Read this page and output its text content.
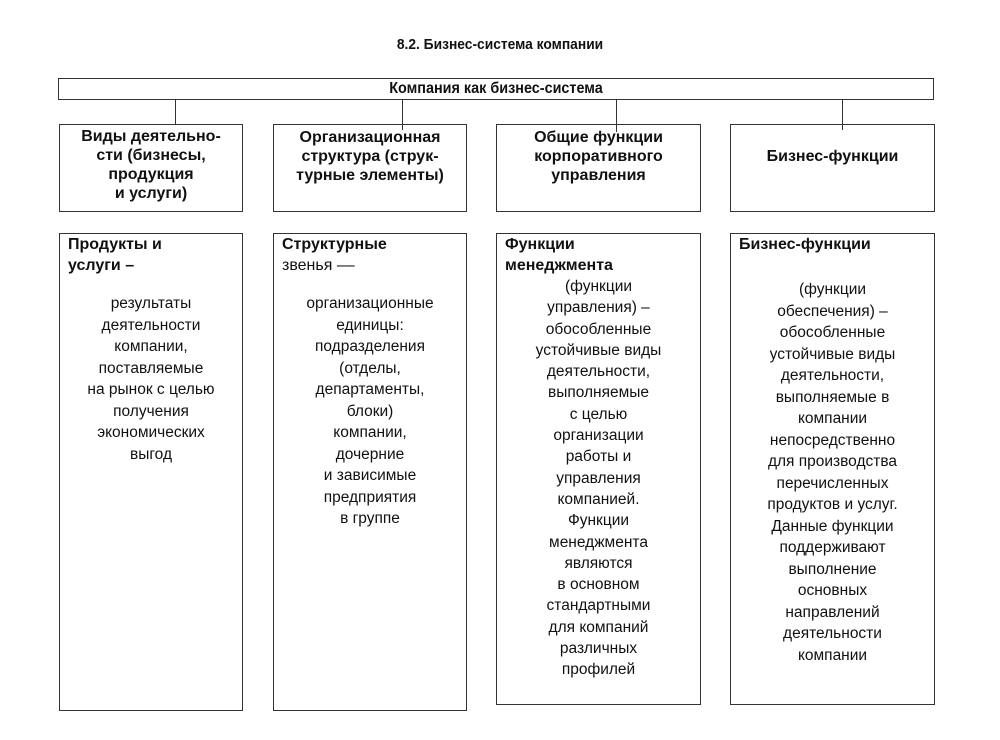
8.2. Бизнес-система компании
Компания как бизнес-система
Виды деятельно-
сти (бизнесы,
продукция
и услуги)
Организационная
структура (струк-
турные элементы)
Общие функции
корпоративного
управления
Бизнес-функции
Продукты и
услуги –
результаты
деятельности
компании,
поставляемые
на рынок с целью
получения
экономических
выгод
Структурные
звенья ––
организационные
единицы:
подразделения
(отделы,
департаменты,
блоки)
компании,
дочерние
и зависимые
предприятия
в группе
Функции
менеджмента
(функции
управления) –
обособленные
устойчивые виды
деятельности,
выполняемые
с целью
организации
работы и
управления
компанией.
Функции
менеджмента
являются
в основном
стандартными
для компаний
различных
профилей
Бизнес-функции
(функции
обеспечения) –
обособленные
устойчивые виды
деятельности,
выполняемые в
компании
непосредственно
для производства
перечисленных
продуктов и услуг.
Данные функции
поддерживают
выполнение
основных
направлений
деятельности
компании
